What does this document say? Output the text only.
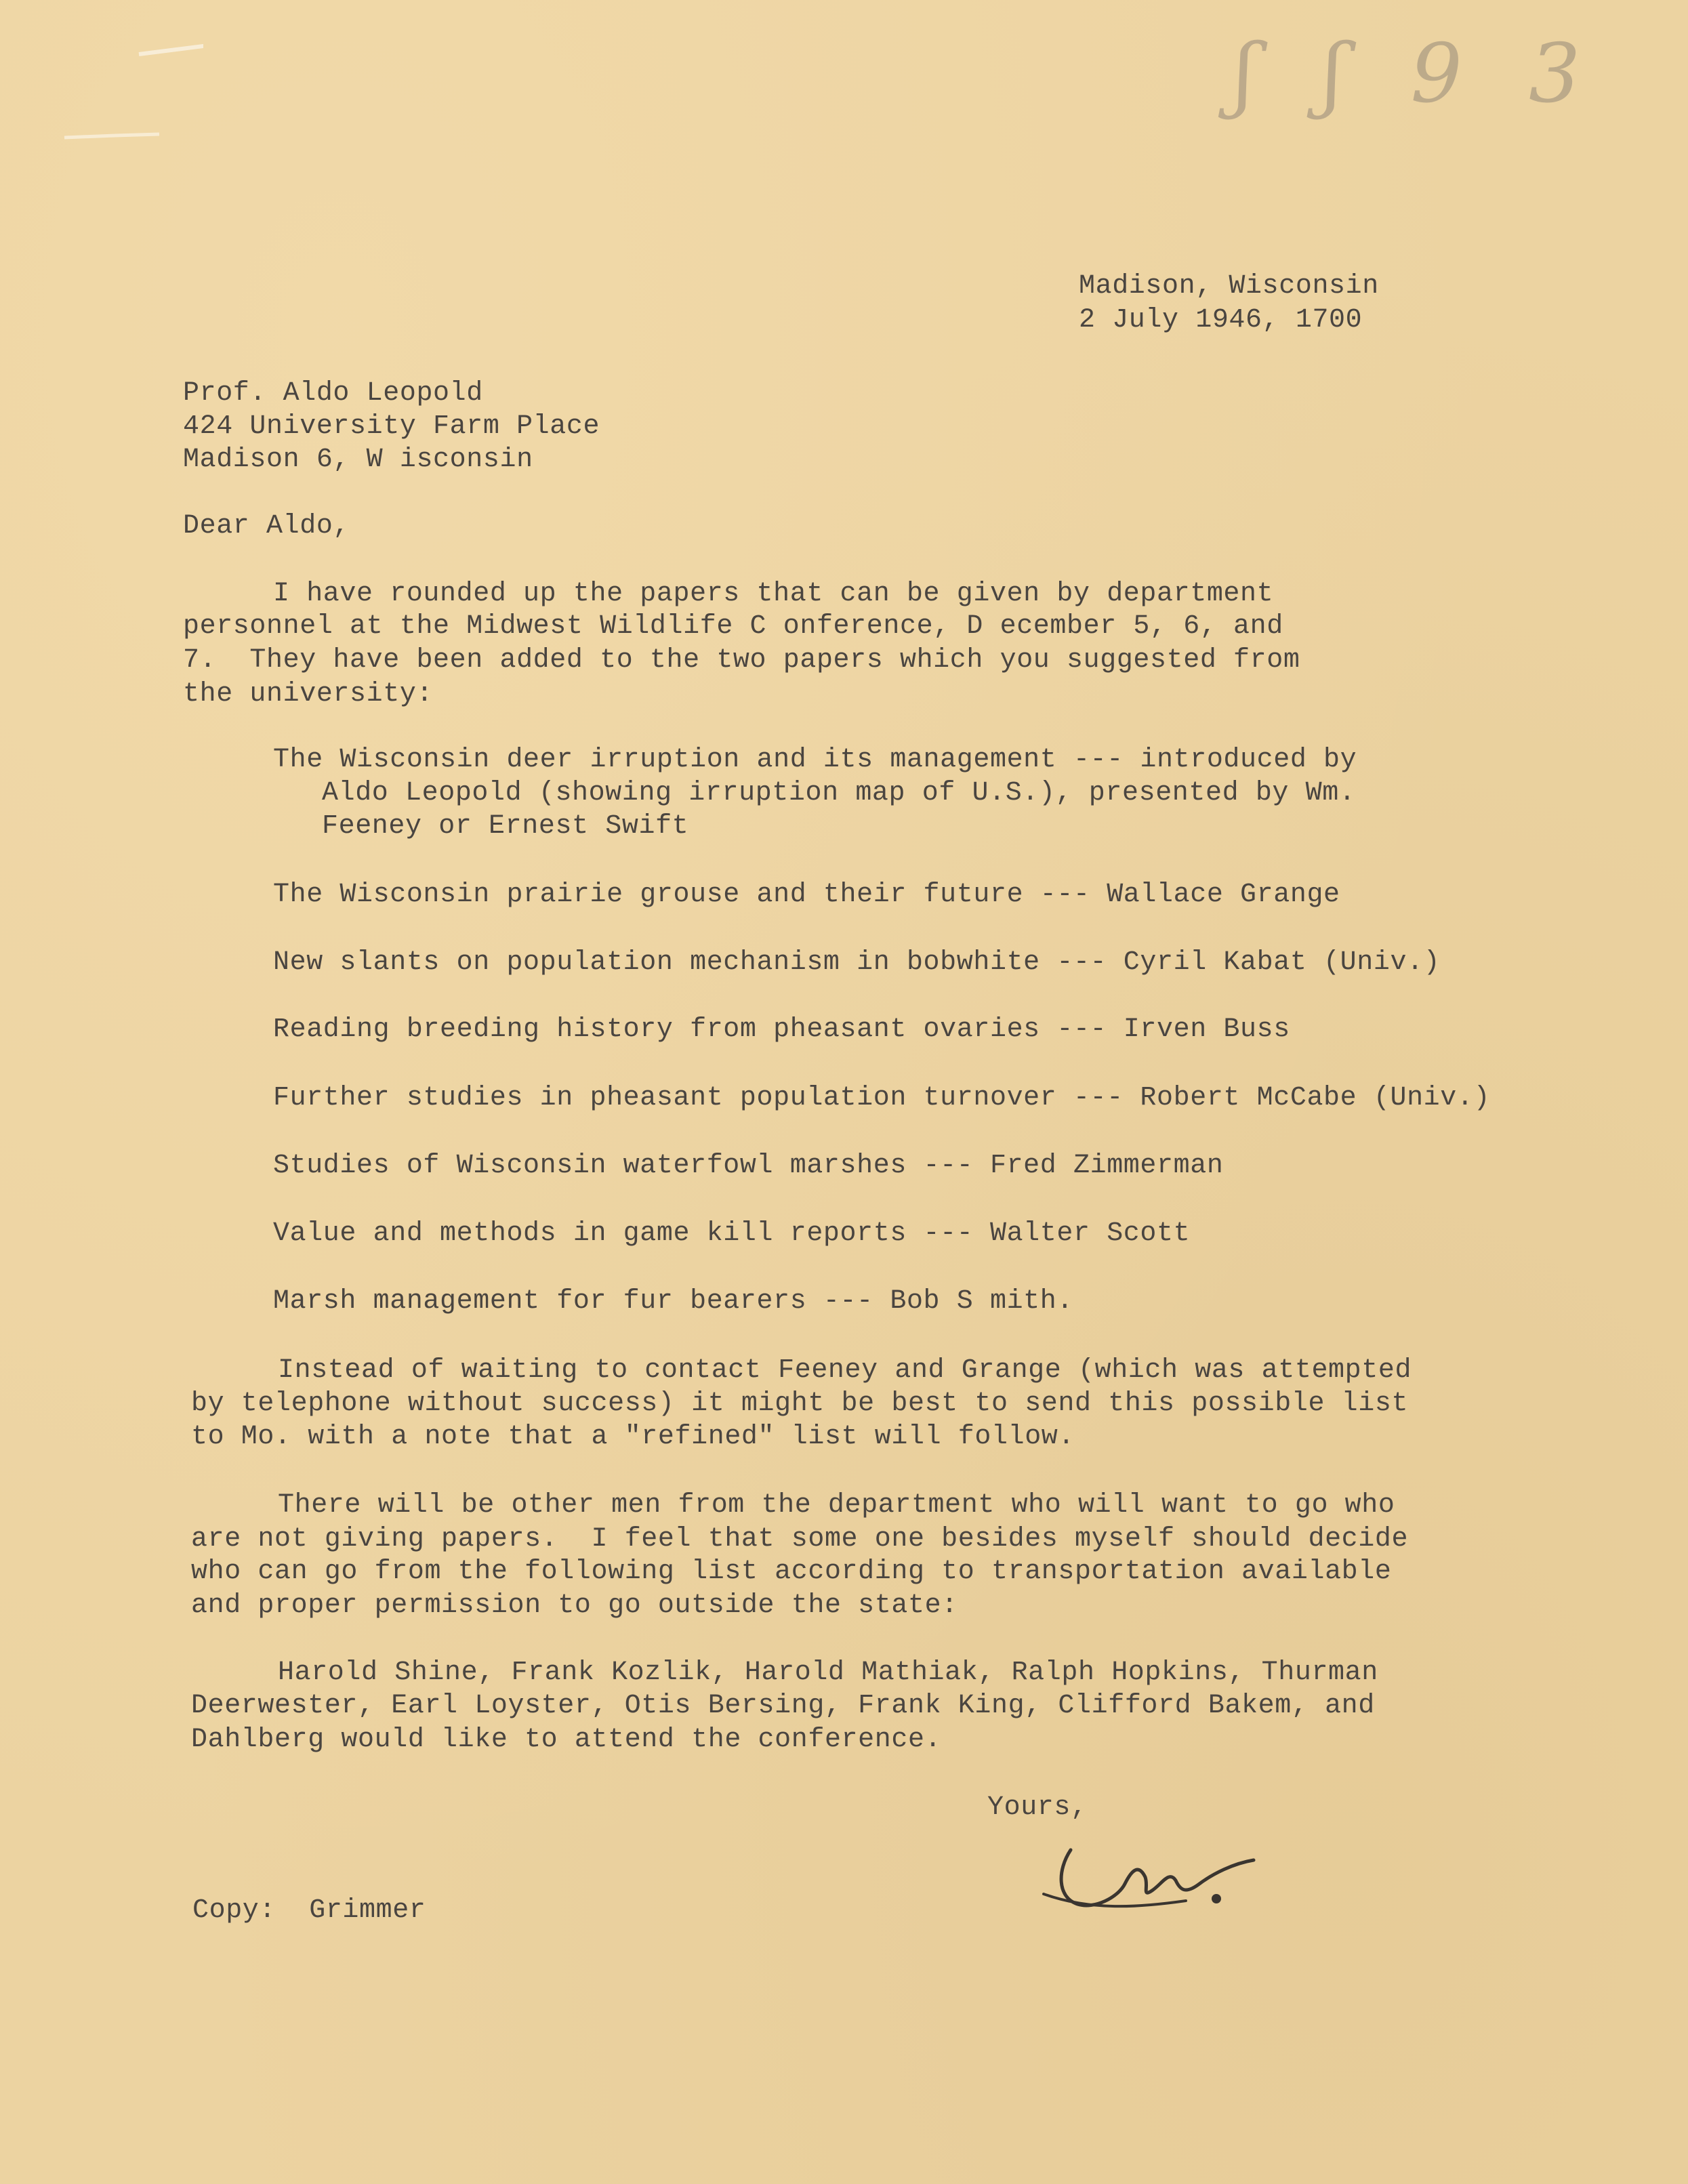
ʃ ʃ 9 3
Madison, Wisconsin
2 July 1946, 1700
Prof. Aldo Leopold
424 University Farm Place
Madison 6, W isconsin
Dear Aldo,
I have rounded up the papers that can be given by department
personnel at the Midwest Wildlife C onference, D ecember 5, 6, and
7.  They have been added to the two papers which you suggested from
the university:
The Wisconsin deer irruption and its management --- introduced by
Aldo Leopold (showing irruption map of U.S.), presented by Wm.
Feeney or Ernest Swift
The Wisconsin prairie grouse and their future --- Wallace Grange
New slants on population mechanism in bobwhite --- Cyril Kabat (Univ.)
Reading breeding history from pheasant ovaries --- Irven Buss
Further studies in pheasant population turnover --- Robert McCabe (Univ.)
Studies of Wisconsin waterfowl marshes --- Fred Zimmerman
Value and methods in game kill reports --- Walter Scott
Marsh management for fur bearers --- Bob S mith.
Instead of waiting to contact Feeney and Grange (which was attempted
by telephone without success) it might be best to send this possible list
to Mo. with a note that a "refined" list will follow.
There will be other men from the department who will want to go who
are not giving papers.  I feel that some one besides myself should decide
who can go from the following list according to transportation available
and proper permission to go outside the state:
Harold Shine, Frank Kozlik, Harold Mathiak, Ralph Hopkins, Thurman
Deerwester, Earl Loyster, Otis Bersing, Frank King, Clifford Bakem, and
Dahlberg would like to attend the conference.
Yours,
Copy:  Grimmer
